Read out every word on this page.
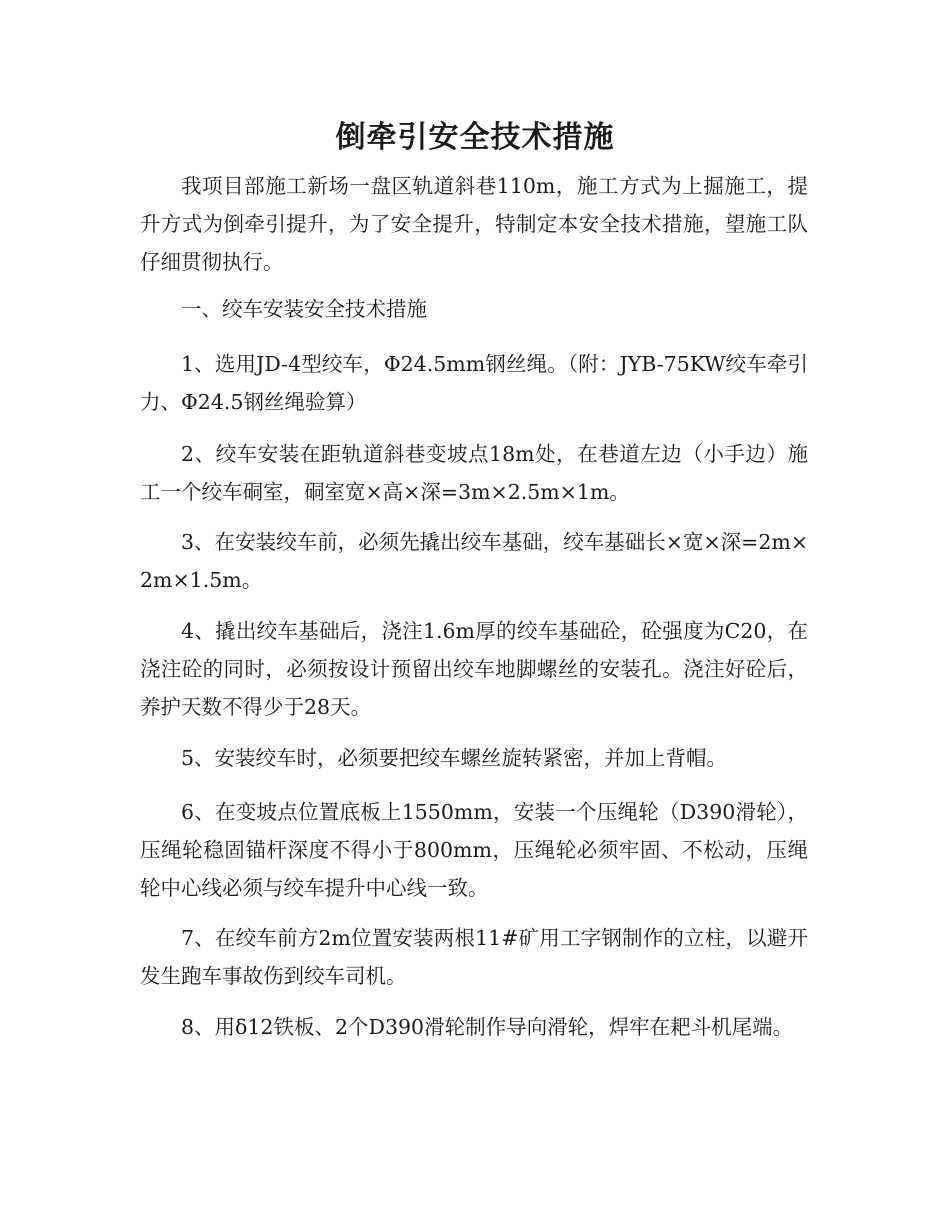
倒牵引安全技术措施

我项目部施工新场一盘区轨道斜巷110m，施工方式为上掘施工，提升方式为倒牵引提升，为了安全提升，特制定本安全技术措施，望施工队仔细贯彻执行。

一、绞车安装安全技术措施

1、选用JD-4型绞车，Φ24.5mm钢丝绳。（附：JYB-75KW绞车牵引力、Φ24.5钢丝绳验算）

2、绞车安装在距轨道斜巷变坡点18m处，在巷道左边（小手边）施工一个绞车硐室，硐室宽×高×深=3m×2.5m×1m。

3、在安装绞车前，必须先撬出绞车基础，绞车基础长×宽×深=2m×2m×1.5m。

4、撬出绞车基础后，浇注1.6m厚的绞车基础砼，砼强度为C20，在浇注砼的同时，必须按设计预留出绞车地脚螺丝的安装孔。浇注好砼后，养护天数不得少于28天。

5、安装绞车时，必须要把绞车螺丝旋转紧密，并加上背帽。

6、在变坡点位置底板上1550mm，安装一个压绳轮（D390滑轮），压绳轮稳固锚杆深度不得小于800mm，压绳轮必须牢固、不松动，压绳轮中心线必须与绞车提升中心线一致。

7、在绞车前方2m位置安装两根11#矿用工字钢制作的立柱，以避开发生跑车事故伤到绞车司机。

8、用δ12铁板、2个D390滑轮制作导向滑轮，焊牢在耙斗机尾端。
